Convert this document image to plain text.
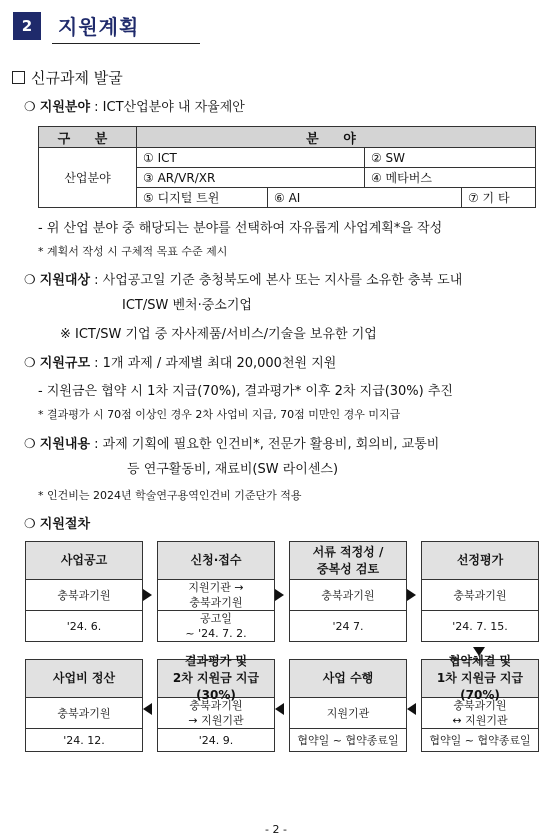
2	지원계획
신규과제 발굴
❍ 지원분야 : ICT산업분야 내 자율제안
구 분	분 야			
산업분야	① ICT		② SW	
	③ AR/VR/XR		④ 메타버스	
	⑤ 디지털 트윈	⑥ AI		⑦ 기 타
- 위 산업 분야 중 해당되는 분야를 선택하여 자유롭게 사업계획*을 작성
* 계획서 작성 시 구체적 목표 수준 제시
❍ 지원대상 : 사업공고일 기준 충청북도에 본사 또는 지사를 소유한 충북 도내
ICT/SW 벤처·중소기업
※ ICT/SW 기업 중 자사제품/서비스/기술을 보유한 기업
❍ 지원규모 : 1개 과제 / 과제별 최대 20,000천원 지원
- 지원금은 협약 시 1차 지급(70%), 결과평가* 이후 2차 지급(30%) 추진
* 결과평가 시 70점 이상인 경우 2차 사업비 지급, 70점 미만인 경우 미지급
❍ 지원내용 : 과제 기획에 필요한 인건비*, 전문가 활용비, 회의비, 교통비
등 연구활동비, 재료비(SW 라이센스)
* 인건비는 2024년 학술연구용역인건비 기준단가 적용
❍ 지원절차
사업공고
충북과기원
'24. 6.
신청·접수
지원기관 →
충북과기원
공고일
~ '24. 7. 2.
서류 적정성 /
중복성 검토
충북과기원
'24 7.
선정평가
충북과기원
'24. 7. 15.
사업비 정산
충북과기원
'24. 12.
결과평가 및
2차 지원금 지급(30%)
충북과기원
→ 지원기관
'24. 9.
사업 수행
지원기관
협약일 ~ 협약종료일
협약체결 및
1차 지원금 지급(70%)
충북과기원
↔ 지원기관
협약일 ~ 협약종료일
- 2 -
